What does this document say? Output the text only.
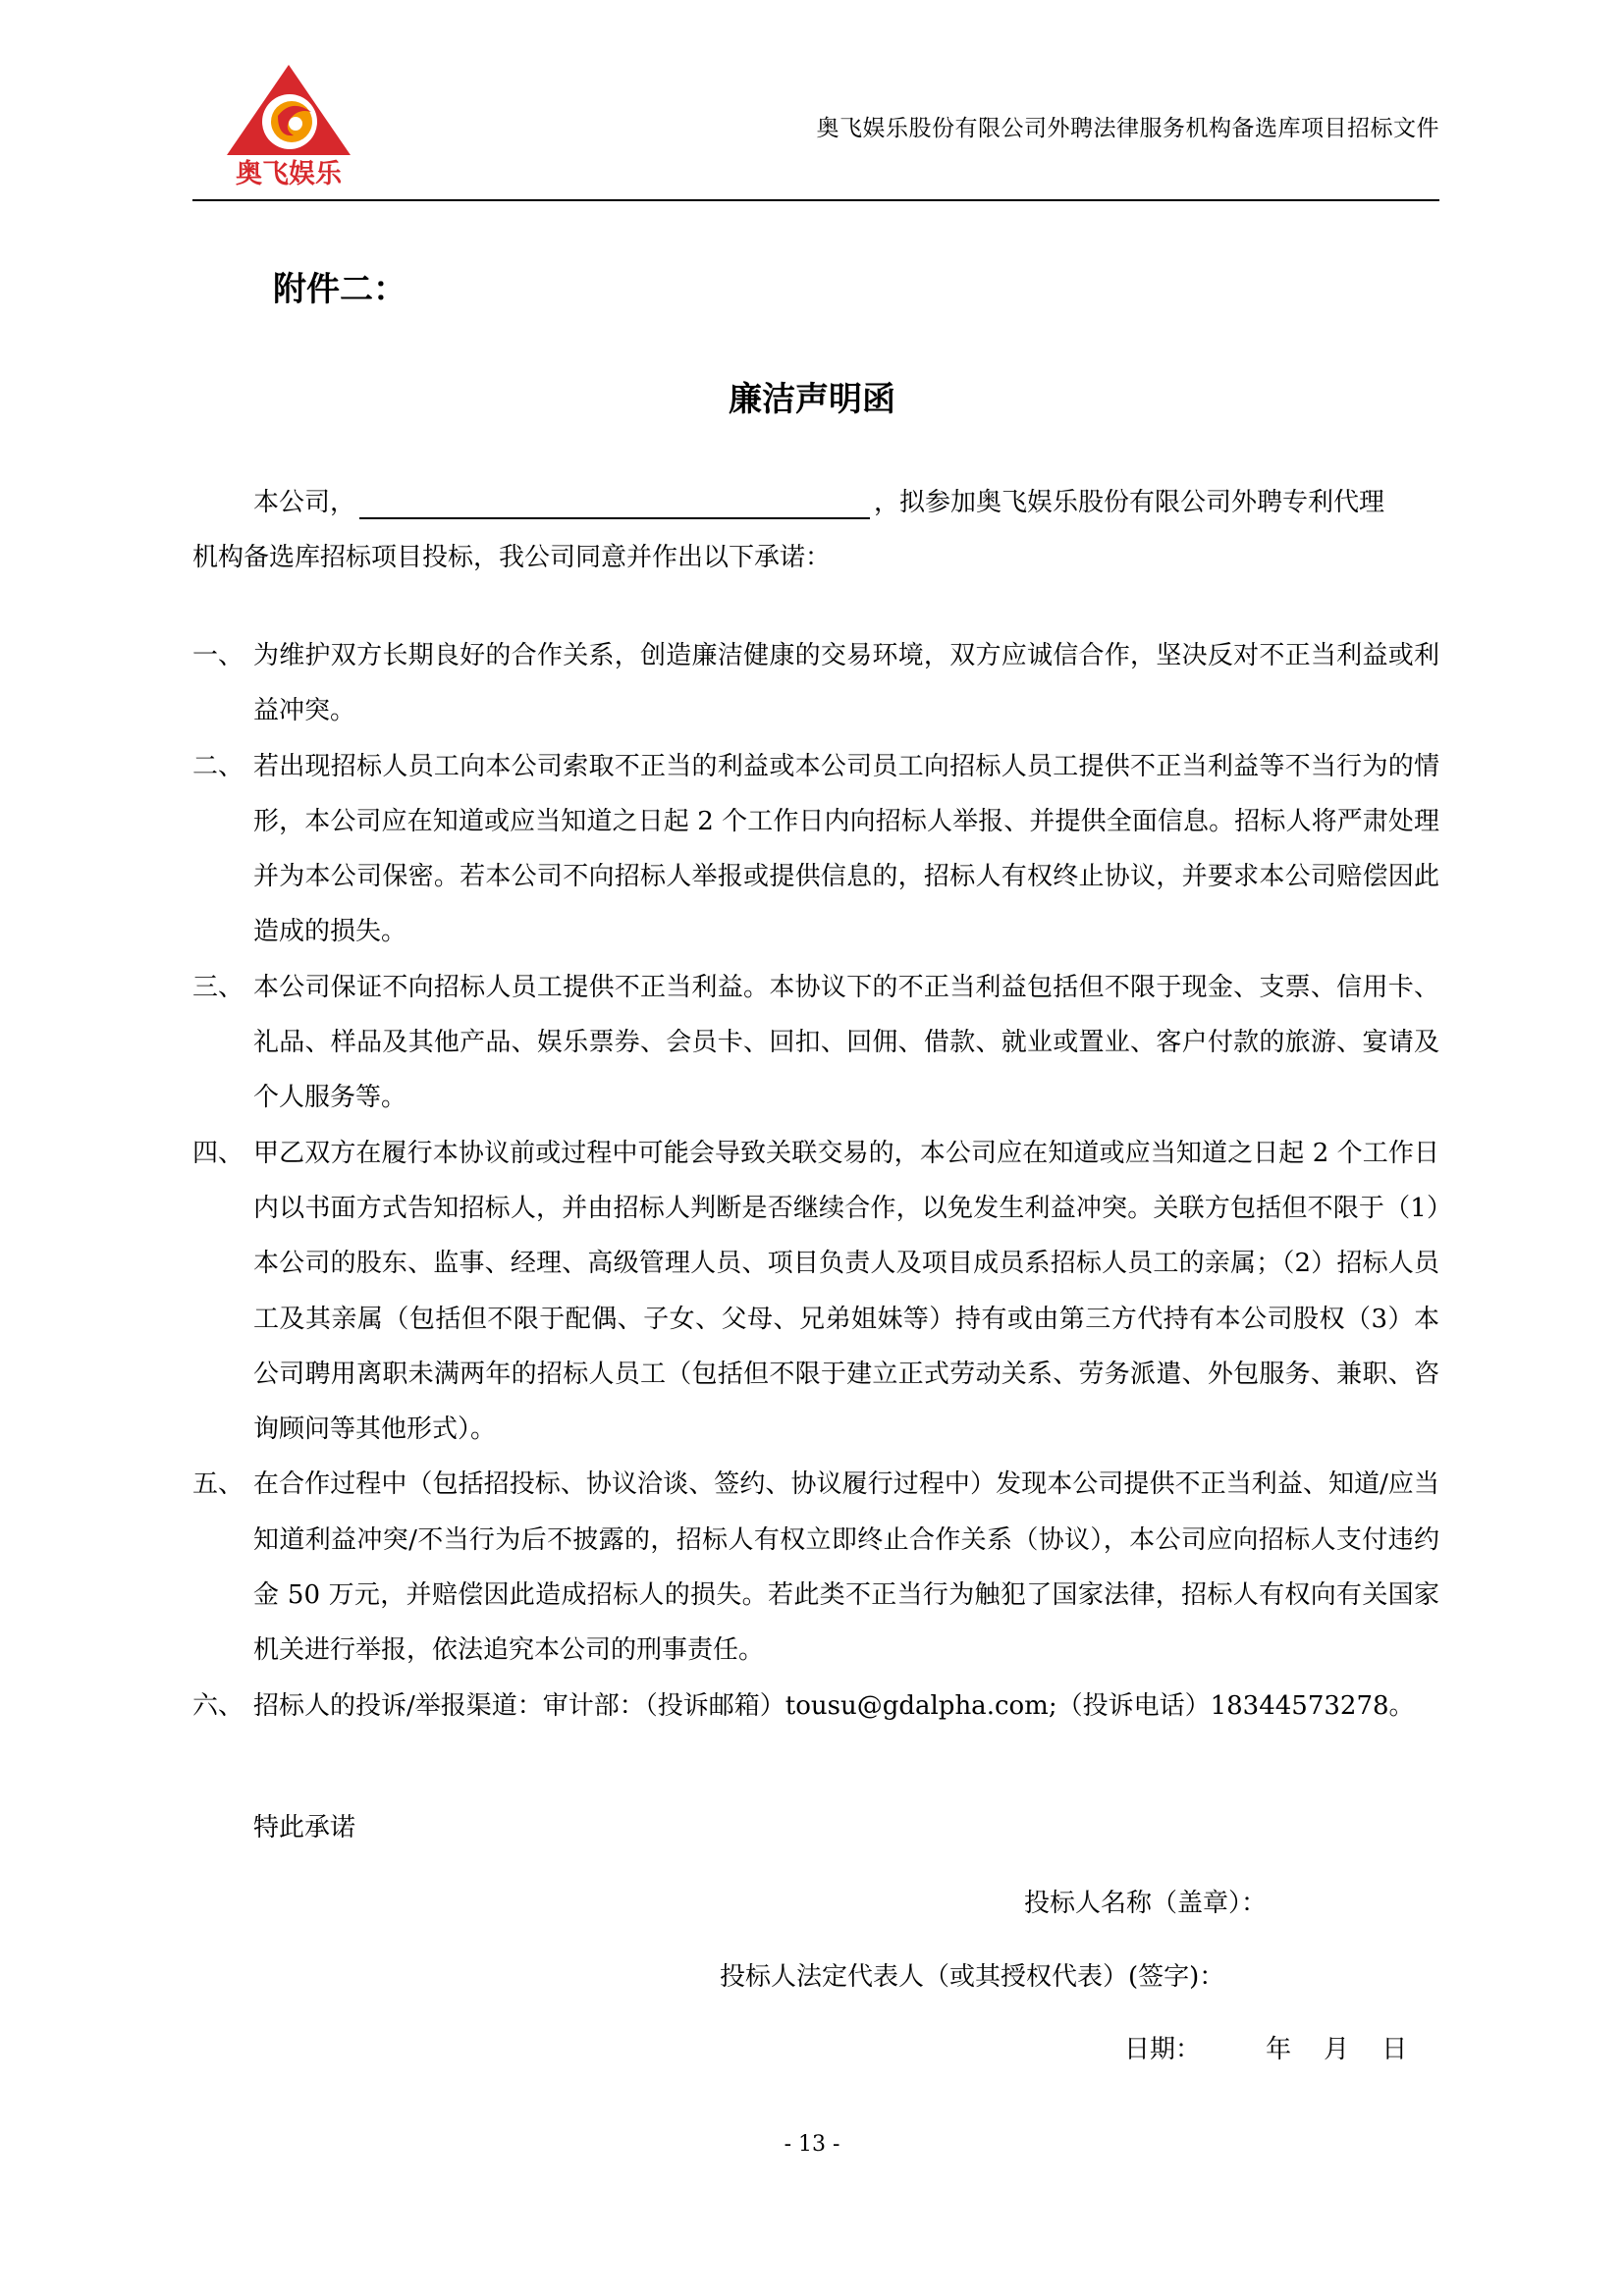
奥飞娱乐
奥飞娱乐股份有限公司外聘法律服务机构备选库项目招标文件
附件二：
廉洁声明函
本公司，	，拟参加奥飞娱乐股份有限公司外聘专利代理
机构备选库招标项目投标，我公司同意并作出以下承诺：
一、 为维护双方长期良好的合作关系，创造廉洁健康的交易环境，双方应诚信合作，坚决反对不正当利益或利益冲突。
二、 若出现招标人员工向本公司索取不正当的利益或本公司员工向招标人员工提供不正当利益等不当行为的情形，本公司应在知道或应当知道之日起 2 个工作日内向招标人举报、并提供全面信息。招标人将严肃处理并为本公司保密。若本公司不向招标人举报或提供信息的，招标人有权终止协议，并要求本公司赔偿因此造成的损失。
三、 本公司保证不向招标人员工提供不正当利益。本协议下的不正当利益包括但不限于现金、支票、信用卡、礼品、样品及其他产品、娱乐票券、会员卡、回扣、回佣、借款、就业或置业、客户付款的旅游、宴请及个人服务等。
四、 甲乙双方在履行本协议前或过程中可能会导致关联交易的，本公司应在知道或应当知道之日起 2 个工作日内以书面方式告知招标人，并由招标人判断是否继续合作，以免发生利益冲突。关联方包括但不限于（1）本公司的股东、监事、经理、高级管理人员、项目负责人及项目成员系招标人员工的亲属；（2）招标人员工及其亲属（包括但不限于配偶、子女、父母、兄弟姐妹等）持有或由第三方代持有本公司股权（3）本公司聘用离职未满两年的招标人员工（包括但不限于建立正式劳动关系、劳务派遣、外包服务、兼职、咨询顾问等其他形式）。
五、 在合作过程中（包括招投标、协议洽谈、签约、协议履行过程中）发现本公司提供不正当利益、知道/应当知道利益冲突/不当行为后不披露的，招标人有权立即终止合作关系（协议），本公司应向招标人支付违约金 50 万元，并赔偿因此造成招标人的损失。若此类不正当行为触犯了国家法律，招标人有权向有关国家机关进行举报，依法追究本公司的刑事责任。
六、 招标人的投诉/举报渠道：审计部：（投诉邮箱）tousu@gdalpha.com;（投诉电话）18344573278。
特此承诺
投标人名称（盖章）：
投标人法定代表人（或其授权代表）(签字)：
日期：        年    月    日
- 13 -
